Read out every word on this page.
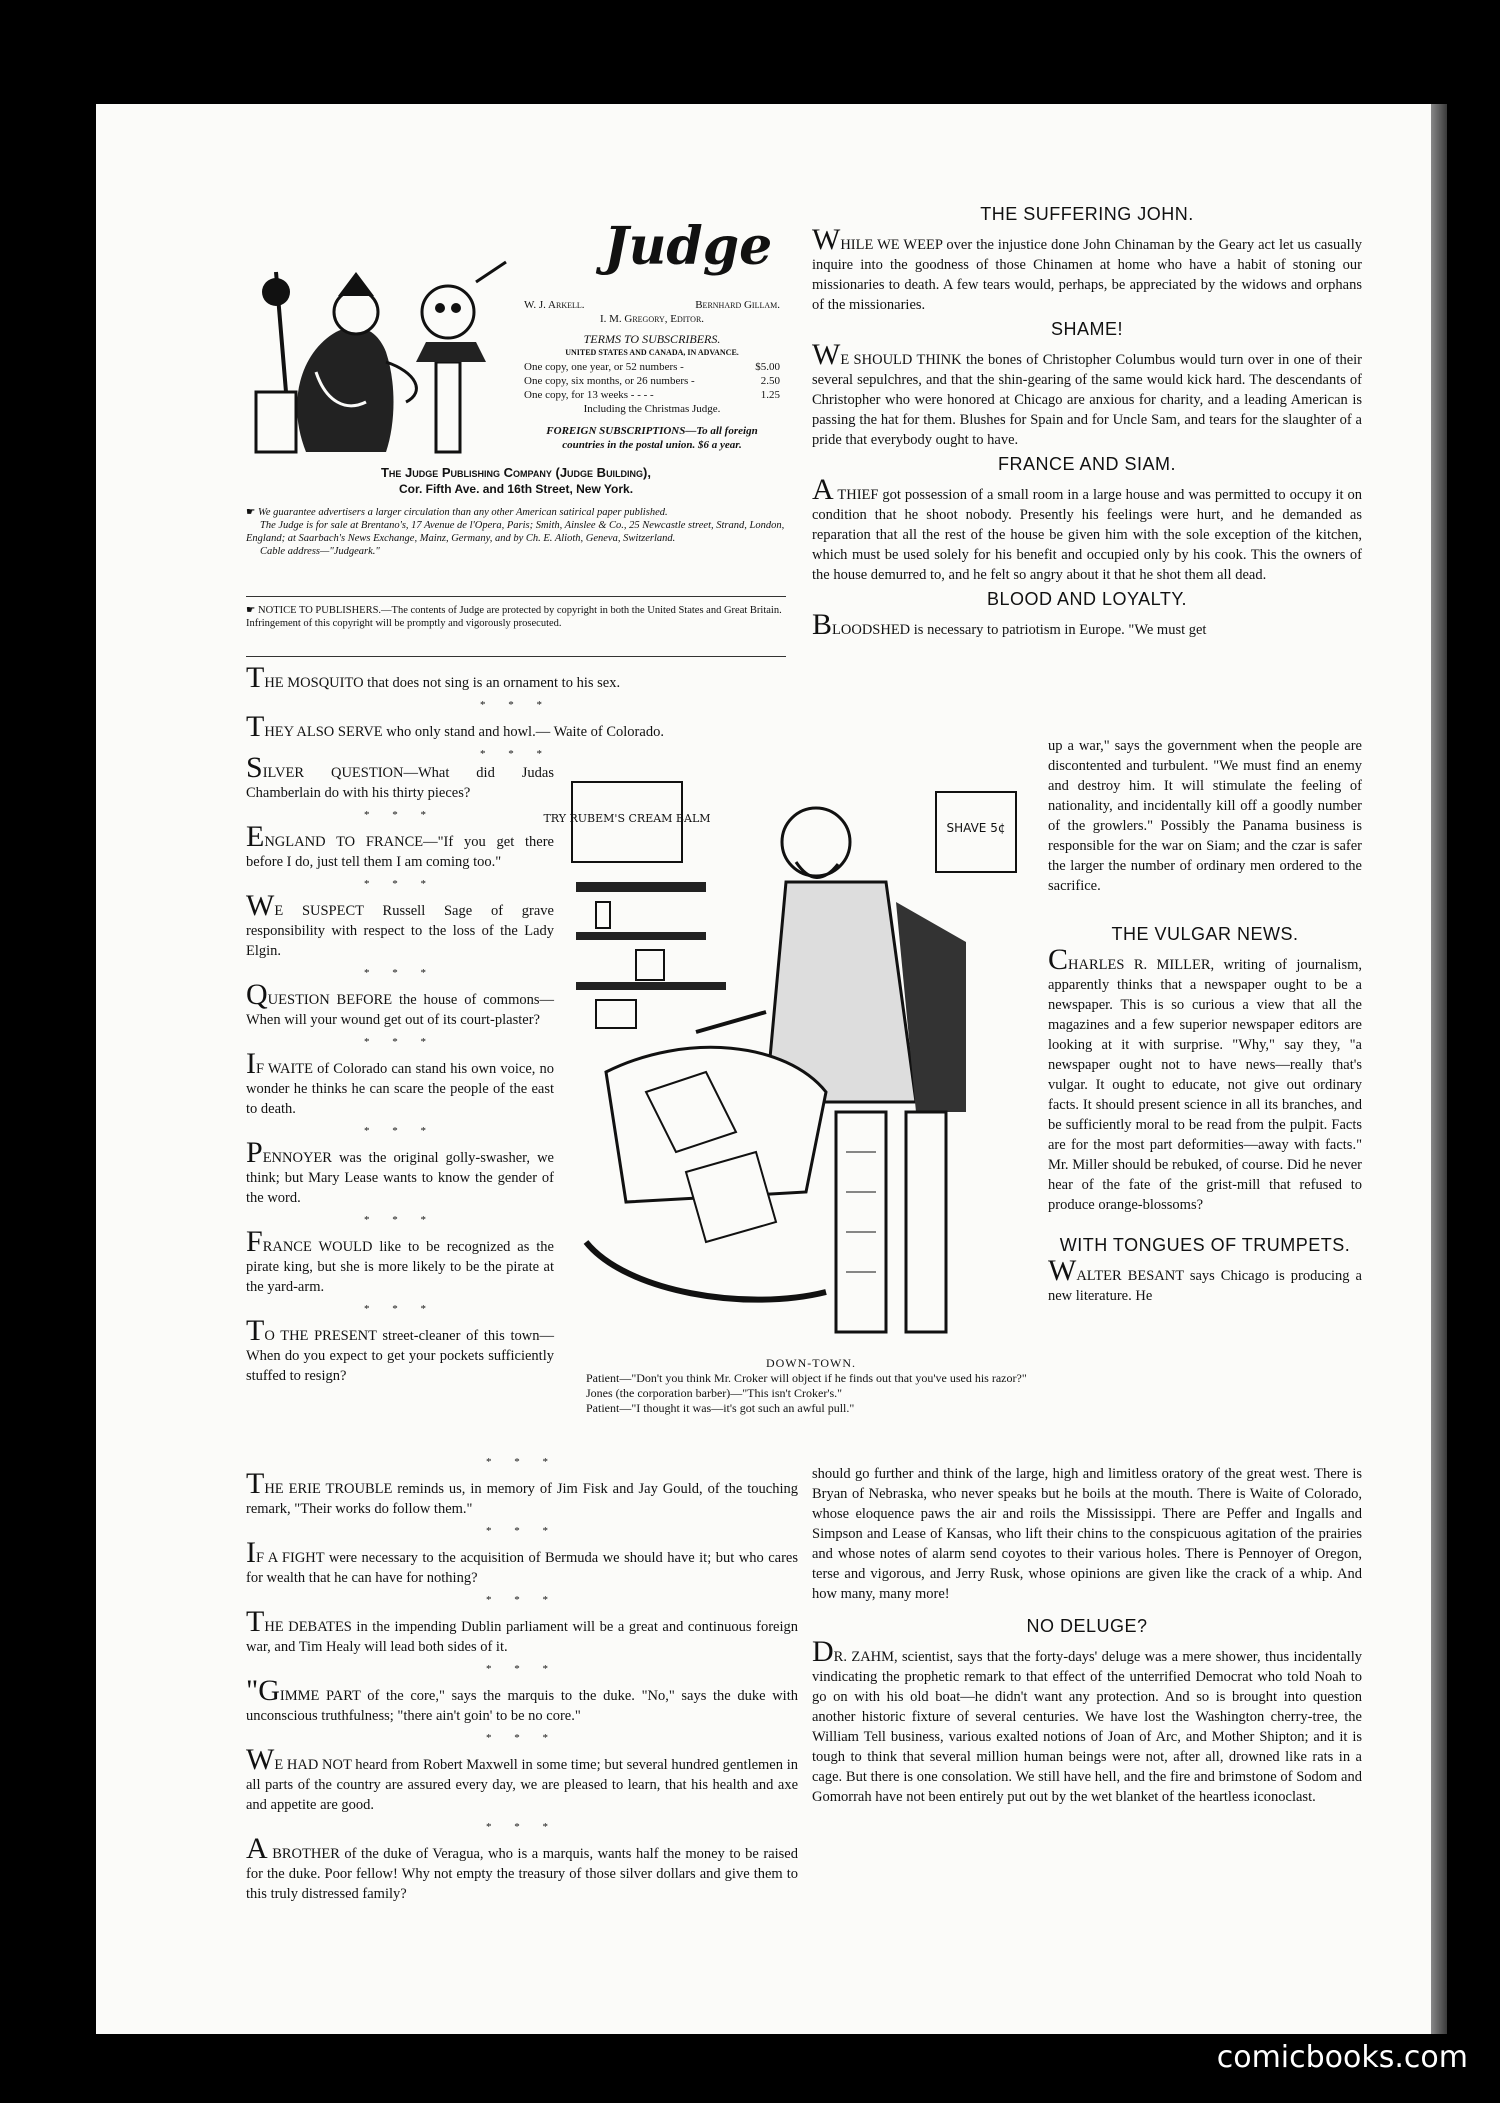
Judge
W. J. Arkell.	Bernhard Gillam.
I. M. Gregory, Editor.
TERMS TO SUBSCRIBERS.
UNITED STATES AND CANADA, IN ADVANCE.
One copy, one year, or 52 numbers -	$5.00
One copy, six months, or 26 numbers -	2.50
One copy, for 13 weeks - - - -	1.25
Including the Christmas Judge.
FOREIGN SUBSCRIPTIONS—To all foreign countries in the postal union. $6 a year.
The Judge Publishing Company (Judge Building),
Cor. Fifth Ave. and 16th Street, New York.
☛ We guarantee advertisers a larger circulation than any other American satirical paper published.
The Judge is for sale at Brentano's, 17 Avenue de l'Opera, Paris; Smith, Ainslee & Co., 25 Newcastle street, Strand, London, England; at Saarbach's News Exchange, Mainz, Germany, and by Ch. E. Alioth, Geneva, Switzerland.
Cable address—"Judgeark."
☛ NOTICE TO PUBLISHERS.—The contents of Judge are protected by copyright in both the United States and Great Britain. Infringement of this copyright will be promptly and vigorously prosecuted.

THE MOSQUITO that does not sing is an ornament to his sex.

* * *

THEY ALSO SERVE who only stand and howl.— Waite of Colorado.

* * *

SILVER QUESTION—What did Judas Chamberlain do with his thirty pieces?

* * *

ENGLAND TO FRANCE—"If you get there before I do, just tell them I am coming too."

* * *

WE SUSPECT Russell Sage of grave responsibility with respect to the loss of the Lady Elgin.

* * *

QUESTION BEFORE the house of commons—When will your wound get out of its court-plaster?

* * *

IF WAITE of Colorado can stand his own voice, no wonder he thinks he can scare the people of the east to death.

* * *

PENNOYER was the original golly-swasher, we think; but Mary Lease wants to know the gender of the word.

* * *

FRANCE WOULD like to be recognized as the pirate king, but she is more likely to be the pirate at the yard-arm.

* * *

TO THE PRESENT street-cleaner of this town—When do you expect to get your pockets sufficiently stuffed to resign?

TRY RUBEM'S CREAM BALM
SHAVE 5¢
DOWN-TOWN.
Patient—"Don't you think Mr. Croker will object if he finds out that you've used his razor?"
Jones (the corporation barber)—"This isn't Croker's."
Patient—"I thought it was—it's got such an awful pull."
* * *

THE ERIE TROUBLE reminds us, in memory of Jim Fisk and Jay Gould, of the touching remark, "Their works do follow them."

* * *

IF A FIGHT were necessary to the acquisition of Bermuda we should have it; but who cares for wealth that he can have for nothing?

* * *

THE DEBATES in the impending Dublin parliament will be a great and continuous foreign war, and Tim Healy will lead both sides of it.

* * *

"GIMME PART of the core," says the marquis to the duke. "No," says the duke with unconscious truthfulness; "there ain't goin' to be no core."

* * *

WE HAD NOT heard from Robert Maxwell in some time; but several hundred gentlemen in all parts of the country are assured every day, we are pleased to learn, that his health and axe and appetite are good.

* * *

A BROTHER of the duke of Veragua, who is a marquis, wants half the money to be raised for the duke. Poor fellow! Why not empty the treasury of those silver dollars and give them to this truly distressed family?

THE SUFFERING JOHN.

WHILE WE WEEP over the injustice done John Chinaman by the Geary act let us casually inquire into the goodness of those Chinamen at home who have a habit of stoning our missionaries to death. A few tears would, perhaps, be appreciated by the widows and orphans of the missionaries.

SHAME!

WE SHOULD THINK the bones of Christopher Columbus would turn over in one of their several sepulchres, and that the shin-gearing of the same would kick hard. The descendants of Christopher who were honored at Chicago are anxious for charity, and a leading American is passing the hat for them. Blushes for Spain and for Uncle Sam, and tears for the slaughter of a pride that everybody ought to have.

FRANCE AND SIAM.

A THIEF got possession of a small room in a large house and was permitted to occupy it on condition that he shoot nobody. Presently his feelings were hurt, and he demanded as reparation that all the rest of the house be given him with the sole exception of the kitchen, which must be used solely for his benefit and occupied only by his cook. This the owners of the house demurred to, and he felt so angry about it that he shot them all dead.

BLOOD AND LOYALTY.

BLOODSHED is necessary to patriotism in Europe. "We must get

up a war," says the government when the people are discontented and turbulent. "We must find an enemy and destroy him. It will stimulate the feeling of nationality, and incidentally kill off a goodly number of the growlers." Possibly the Panama business is responsible for the war on Siam; and the czar is safer the larger the number of ordinary men ordered to the sacrifice.

THE VULGAR NEWS.

CHARLES R. MILLER, writing of journalism, apparently thinks that a newspaper ought to be a newspaper. This is so curious a view that all the magazines and a few superior newspaper editors are looking at it with surprise. "Why," say they, "a newspaper ought not to have news—really that's vulgar. It ought to educate, not give out ordinary facts. It should present science in all its branches, and be sufficiently moral to be read from the pulpit. Facts are for the most part deformities—away with facts." Mr. Miller should be rebuked, of course. Did he never hear of the fate of the grist-mill that refused to produce orange-blossoms?

WITH TONGUES OF TRUMPETS.

WALTER BESANT says Chicago is producing a new literature. He

should go further and think of the large, high and limitless oratory of the great west. There is Bryan of Nebraska, who never speaks but he boils at the mouth. There is Waite of Colorado, whose eloquence paws the air and roils the Mississippi. There are Peffer and Ingalls and Simpson and Lease of Kansas, who lift their chins to the conspicuous agitation of the prairies and whose notes of alarm send coyotes to their various holes. There is Pennoyer of Oregon, terse and vigorous, and Jerry Rusk, whose opinions are given like the crack of a whip. And how many, many more!

NO DELUGE?

DR. ZAHM, scientist, says that the forty-days' deluge was a mere shower, thus incidentally vindicating the prophetic remark to that effect of the unterrified Democrat who told Noah to go on with his old boat—he didn't want any protection. And so is brought into question another historic fixture of several centuries. We have lost the Washington cherry-tree, the William Tell business, various exalted notions of Joan of Arc, and Mother Shipton; and it is tough to think that several million human beings were not, after all, drowned like rats in a cage. But there is one consolation. We still have hell, and the fire and brimstone of Sodom and Gomorrah have not been entirely put out by the wet blanket of the heartless iconoclast.

comicbooks.com
